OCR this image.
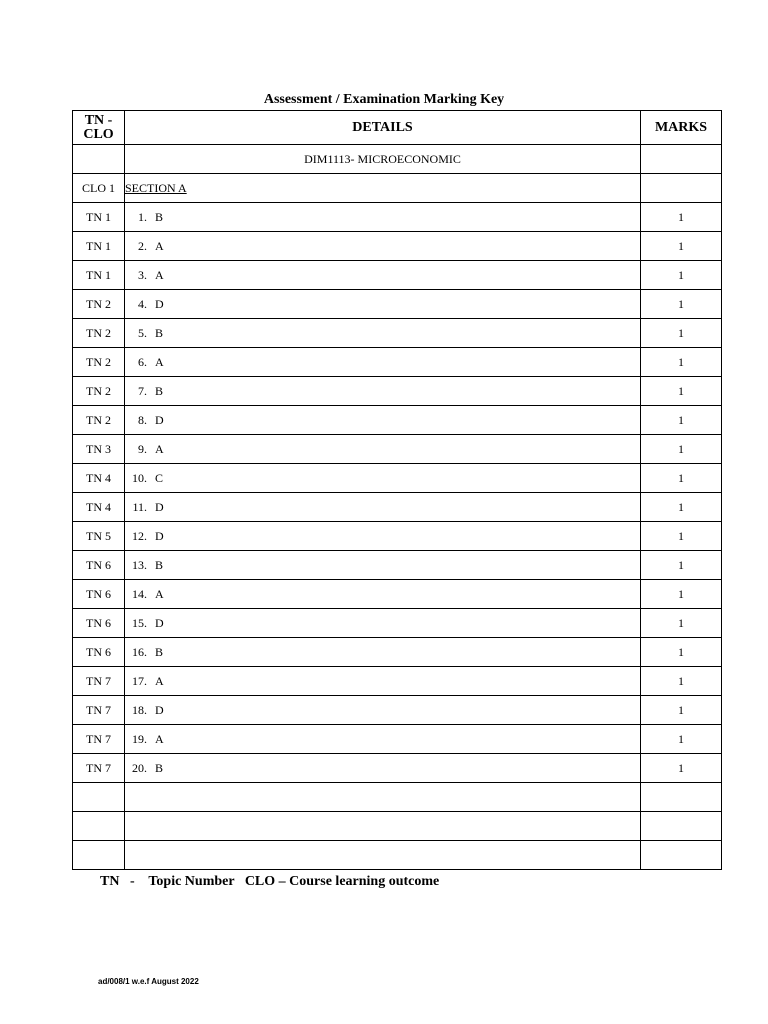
Assessment / Examination Marking Key
TN -
CLO	DETAILS	MARKS
	DIM1113- MICROECONOMIC	
CLO 1	SECTION A	
TN 1	1. B	1
TN 1	2. A	1
TN 1	3. A	1
TN 2	4. D	1
TN 2	5. B	1
TN 2	6. A	1
TN 2	7. B	1
TN 2	8. D	1
TN 3	9. A	1
TN 4	10. C	1
TN 4	11. D	1
TN 5	12. D	1
TN 6	13. B	1
TN 6	14. A	1
TN 6	15. D	1
TN 6	16. B	1
TN 7	17. A	1
TN 7	18. D	1
TN 7	19. A	1
TN 7	20. B	1

TN   -    Topic Number   CLO – Course learning outcome
ad/008/1 w.e.f August 2022
